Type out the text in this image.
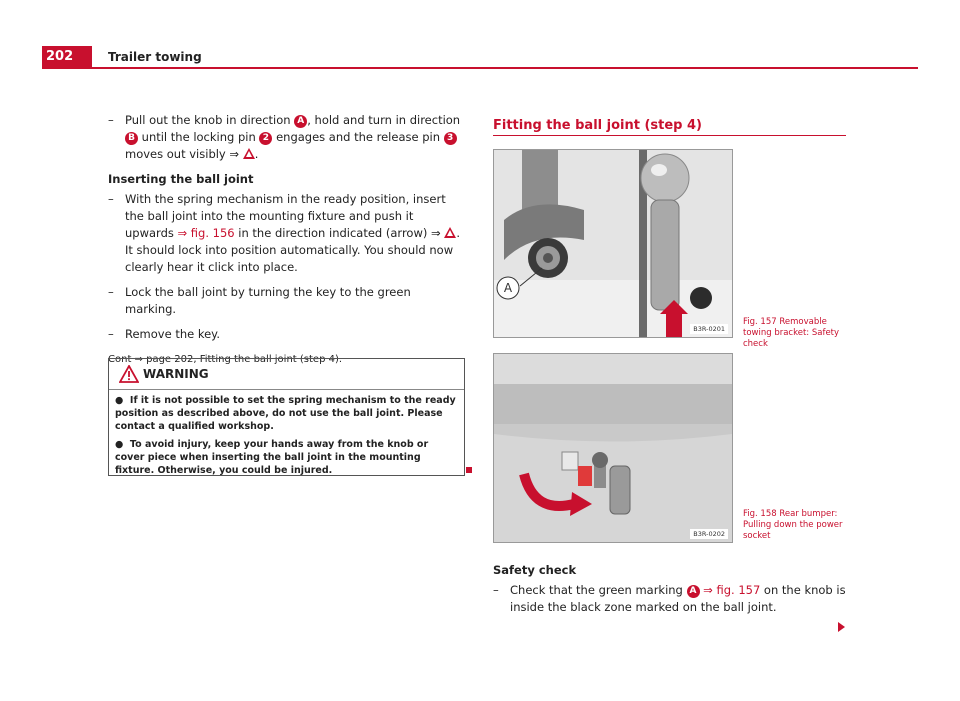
202	Trailer towing
– Pull out the knob in direction A , hold and turn in direction B until the locking pin 2 engages and the release pin 3 moves out visibly ⇒ .
Inserting the ball joint
– With the spring mechanism in the ready position, insert the ball joint into the mounting fixture and push it upwards ⇒ fig. 156 in the direction indicated (arrow) ⇒ . It should lock into position automatically. You should now clearly hear it click into place.
– Lock the ball joint by turning the key to the green marking.
– Remove the key.
Cont ⇒ page 202, Fitting the ball joint (step 4).
WARNING

● If it is not possible to set the spring mechanism to the ready position as described above, do not use the ball joint. Please contact a qualified workshop.

● To avoid injury, keep your hands away from the knob or cover piece when inserting the ball joint in the mounting fixture. Otherwise, you could be injured.

Fitting the ball joint (step 4)
A
B3R-0201
Fig. 157 Removable towing bracket: Safety check
B3R-0202
Fig. 158 Rear bumper: Pulling down the power socket
Safety check
– Check that the green marking A ⇒ fig. 157 on the knob is inside the black zone marked on the ball joint.
